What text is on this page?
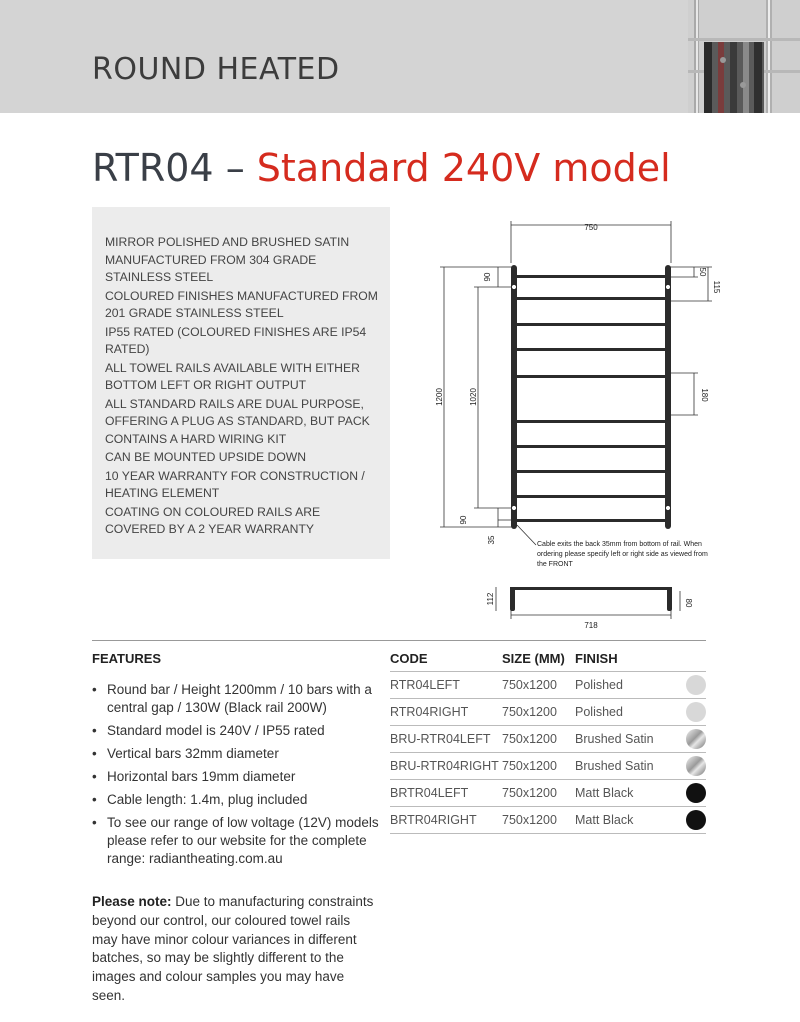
ROUND HEATED
RTR04 – Standard 240V model
MIRROR POLISHED AND BRUSHED SATIN MANUFACTURED FROM 304 GRADE STAINLESS STEEL
COLOURED FINISHES MANUFACTURED FROM 201 GRADE STAINLESS STEEL
IP55 RATED (COLOURED FINISHES ARE IP54 RATED)
ALL TOWEL RAILS AVAILABLE WITH EITHER BOTTOM LEFT OR RIGHT OUTPUT
ALL STANDARD RAILS ARE DUAL PURPOSE, OFFERING A PLUG AS STANDARD, BUT PACK CONTAINS A HARD WIRING KIT
CAN BE MOUNTED UPSIDE DOWN
10 YEAR WARRANTY FOR CONSTRUCTION / HEATING ELEMENT
COATING ON COLOURED RAILS ARE COVERED BY A 2 YEAR WARRANTY
750
1200	1020
90
90
35
50
115
180
112	80
718
Cable exits the back 35mm from bottom of rail. When ordering please specify left or right side as viewed from the FRONT
FEATURES
• Round bar / Height 1200mm / 10 bars with a central gap / 130W (Black rail 200W)
• Standard model is 240V / IP55 rated
• Vertical bars 32mm diameter
• Horizontal bars 19mm diameter
• Cable length: 1.4m, plug included
• To see our range of low voltage (12V) models please refer to our website for the complete range: radiantheating.com.au
Please note: Due to manufacturing constraints beyond our control, our coloured towel rails may have minor colour variances in different batches, so may be slightly different to the images and colour samples you may have seen.
CODE	SIZE (MM) FINISH
RTR04LEFT	750x1200 Polished
RTR04RIGHT	750x1200 Polished
BRU-RTR04LEFT 750x1200 Brushed Satin
BRU-RTR04RIGHT 750x1200 Brushed Satin
BRTR04LEFT	750x1200 Matt Black
BRTR04RIGHT 750x1200 Matt Black
